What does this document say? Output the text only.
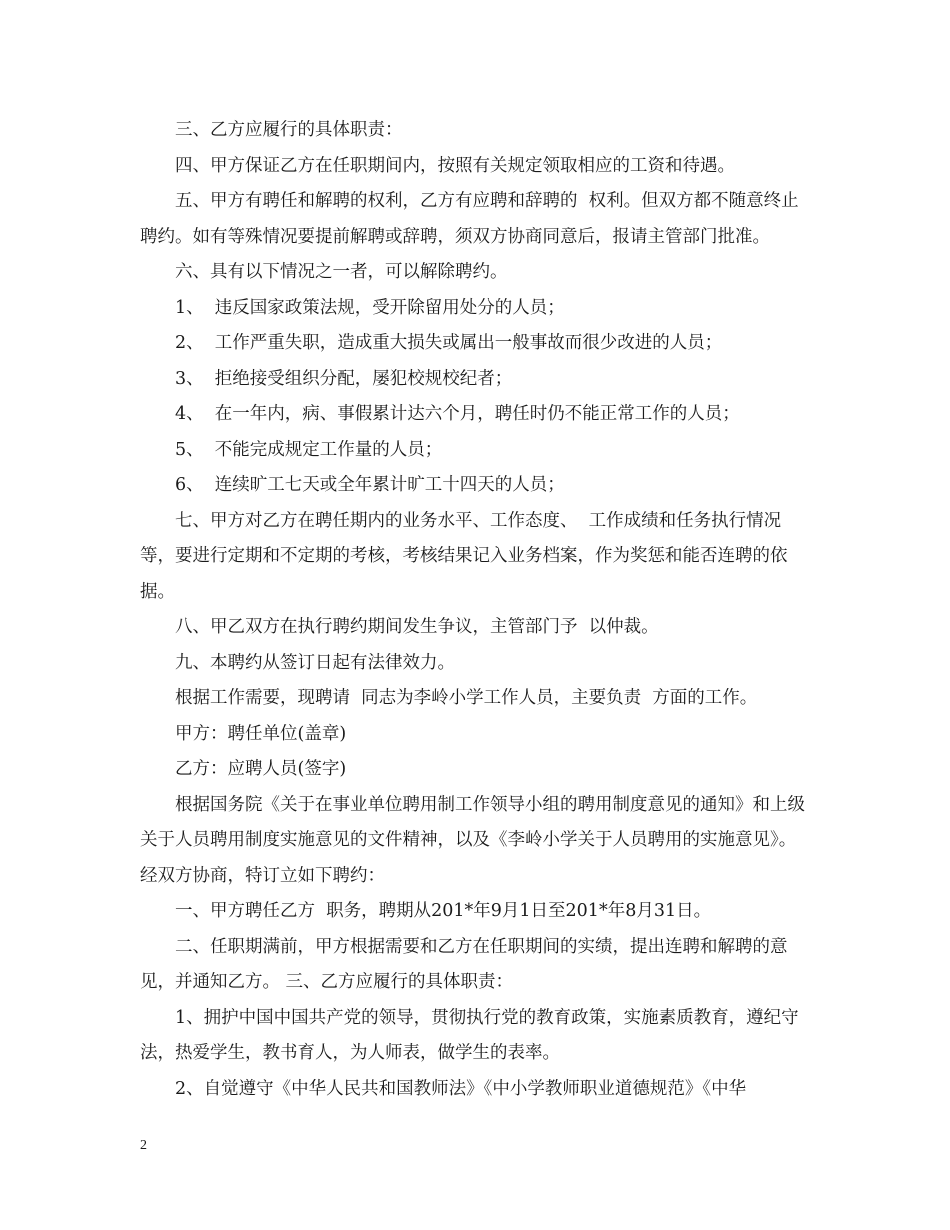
三、乙方应履行的具体职责：

四、甲方保证乙方在任职期间内，按照有关规定领取相应的工资和待遇。

五、甲方有聘任和解聘的权利，乙方有应聘和辞聘的  权利。但双方都不随意终止聘约。如有等殊情况要提前解聘或辞聘，须双方协商同意后，报请主管部门批准。

六、具有以下情况之一者，可以解除聘约。

1、  违反国家政策法规，受开除留用处分的人员；

2、  工作严重失职，造成重大损失或属出一般事故而很少改进的人员；

3、  拒绝接受组织分配，屡犯校规校纪者；

4、  在一年内，病、事假累计达六个月，聘任时仍不能正常工作的人员；

5、  不能完成规定工作量的人员；

6、  连续旷工七天或全年累计旷工十四天的人员；

七、甲方对乙方在聘任期内的业务水平、工作态度、  工作成绩和任务执行情况等，要进行定期和不定期的考核，考核结果记入业务档案，作为奖惩和能否连聘的依据。

八、甲乙双方在执行聘约期间发生争议，主管部门予  以仲裁。

九、本聘约从签订日起有法律效力。

根据工作需要，现聘请  同志为李岭小学工作人员，主要负责  方面的工作。

甲方：聘任单位(盖章)

乙方：应聘人员(签字)

根据国务院《关于在事业单位聘用制工作领导小组的聘用制度意见的通知》和上级关于人员聘用制度实施意见的文件精神，以及《李岭小学关于人员聘用的实施意见》。经双方协商，特订立如下聘约：

一、甲方聘任乙方  职务，聘期从201*年9月1日至201*年8月31日。

二、任职期满前，甲方根据需要和乙方在任职期间的实绩，提出连聘和解聘的意见，并通知乙方。 三、乙方应履行的具体职责：

1、拥护中国中国共产党的领导，贯彻执行党的教育政策，实施素质教育，遵纪守法，热爱学生，教书育人，为人师表，做学生的表率。

2、自觉遵守《中华人民共和国教师法》《中小学教师职业道德规范》《中华

2
